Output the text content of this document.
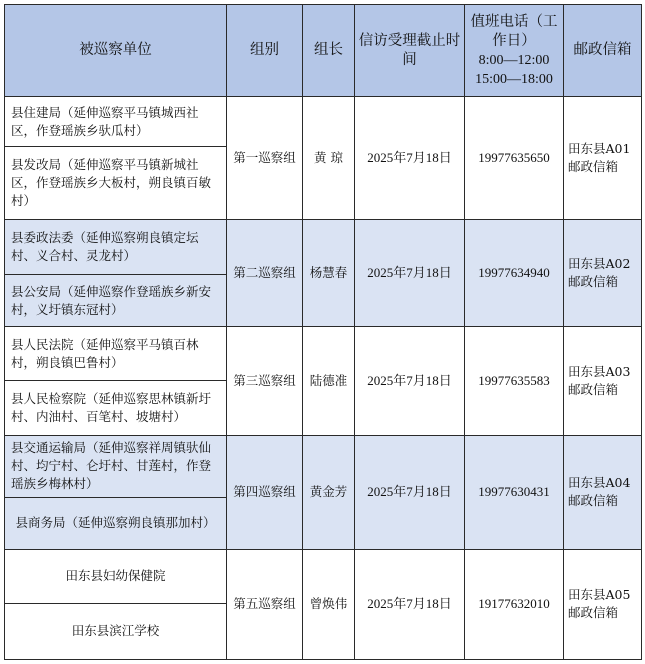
被巡察单位	组别	组长	信访受理截止时间	值班电话（工作日）
8:00—12:00
15:00—18:00	邮政信箱
县住建局（延伸巡察平马镇城西社区，作登瑶族乡驮瓜村）	第一巡察组	黄 琼	2025年7月18日	19977635650	田东县A01邮政信箱
县发改局（延伸巡察平马镇新城社区，作登瑶族乡大板村，朔良镇百敏村）					
县委政法委（延伸巡察朔良镇定坛村、义合村、灵龙村）	第二巡察组	杨慧春	2025年7月18日	19977634940	田东县A02邮政信箱
县公安局（延伸巡察作登瑶族乡新安村，义圩镇东冠村）					
县人民法院（延伸巡察平马镇百林村，朔良镇巴鲁村）	第三巡察组	陆德准	2025年7月18日	19977635583	田东县A03邮政信箱
县人民检察院（延伸巡察思林镇新圩村、内油村、百笔村、坡塘村）					
县交通运输局（延伸巡察祥周镇驮仙村、均宁村、仑圩村、甘莲村，作登瑶族乡梅林村）	第四巡察组	黄金芳	2025年7月18日	19977630431	田东县A04邮政信箱
县商务局（延伸巡察朔良镇那加村）					
田东县妇幼保健院	第五巡察组	曾焕伟	2025年7月18日	19177632010	田东县A05邮政信箱
田东县滨江学校					
